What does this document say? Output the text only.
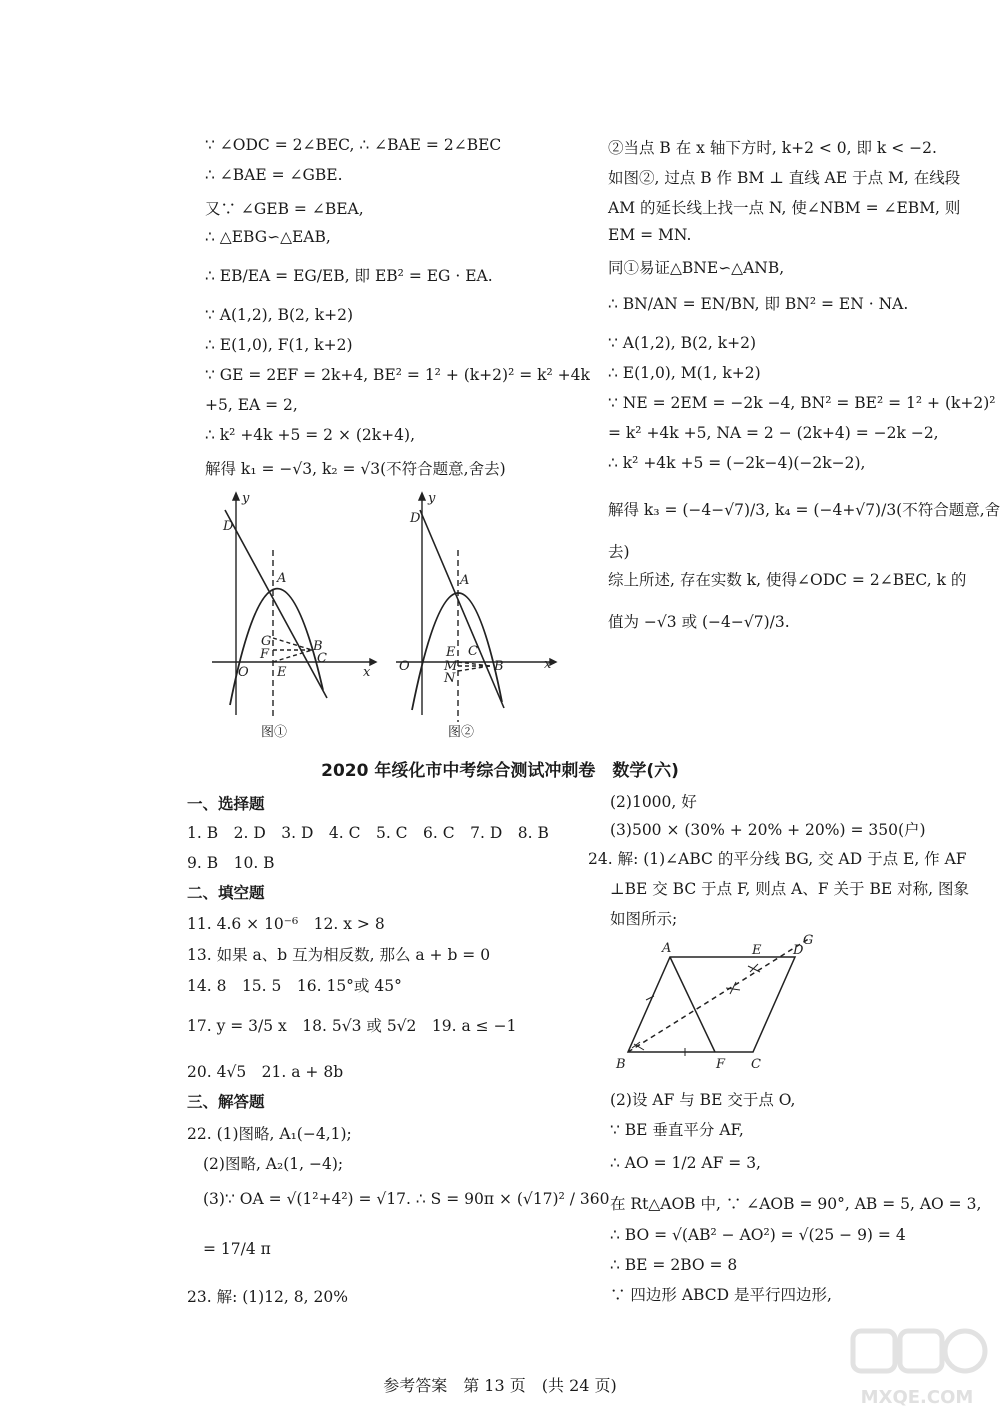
∵ ∠ODC = 2∠BEC, ∴ ∠BAE = 2∠BEC
∴ ∠BAE = ∠GBE.
又∵ ∠GEB = ∠BEA,
∴ △EBG∽△EAB,
∴ EB/EA = EG/EB, 即 EB² = EG · EA.
∵ A(1,2), B(2, k+2)
∴ E(1,0), F(1, k+2)
∵ GE = 2EF = 2k+4, BE² = 1² + (k+2)² = k² +4k
+5, EA = 2,
∴ k² +4k +5 = 2 × (2k+4),
解得 k₁ = −√3, k₂ = √3(不符合题意,舍去)
②当点 B 在 x 轴下方时, k+2 < 0, 即 k < −2.
如图②, 过点 B 作 BM ⊥ 直线 AE 于点 M, 在线段
AM 的延长线上找一点 N, 使∠NBM = ∠EBM, 则
EM = MN.
同①易证△BNE∽△ANB,
∴ BN/AN = EN/BN, 即 BN² = EN · NA.
∵ A(1,2), B(2, k+2)
∴ E(1,0), M(1, k+2)
∵ NE = 2EM = −2k −4, BN² = BE² = 1² + (k+2)²
= k² +4k +5, NA = 2 − (2k+4) = −2k −2,
∴ k² +4k +5 = (−2k−4)(−2k−2),
解得 k₃ = (−4−√7)/3, k₄ = (−4+√7)/3(不符合题意,舍
去)
综上所述, 存在实数 k, 使得∠ODC = 2∠BEC, k 的
值为 −√3 或 (−4−√7)/3.
y
D
A
G
F
B
C
O E	x
图①
y
D
A
E C
O	M
N
B	x
图②
2020 年绥化市中考综合测试冲刺卷　数学(六)
一、选择题
1. B　2. D　3. D　4. C　5. C　6. C　7. D　8. B
9. B　10. B
二、填空题
11. 4.6 × 10⁻⁶　12. x > 8
13. 如果 a、b 互为相反数, 那么 a + b = 0
14. 8　15. 5　16. 15°或 45°
17. y = 3/5 x　18. 5√3 或 5√2　19. a ≤ −1
20. 4√5　21. a + 8b
三、解答题
22. (1)图略, A₁(−4,1);
(2)图略, A₂(1, −4);
(3)∵ OA = √(1²+4²) = √17. ∴ S = 90π × (√17)² / 360
= 17/4 π
23. 解: (1)12, 8, 20%
(2)1000, 好
(3)500 × (30% + 20% + 20%) = 350(户)
24. 解: (1)∠ABC 的平分线 BG, 交 AD 于点 E, 作 AF
⊥BE 交 BC 于点 F, 则点 A、F 关于 BE 对称, 图象
如图所示;
(2)设 AF 与 BE 交于点 O,
∵ BE 垂直平分 AF,
∴ AO = 1/2 AF = 3,
在 Rt△AOB 中, ∵ ∠AOB = 90°, AB = 5, AO = 3,
∴ BO = √(AB² − AO²) = √(25 − 9) = 4
∴ BE = 2BO = 8
∵ 四边形 ABCD 是平行四边形,
A	E D
G
B	F C
参考答案　第 13 页　(共 24 页)
MXQE.COM
